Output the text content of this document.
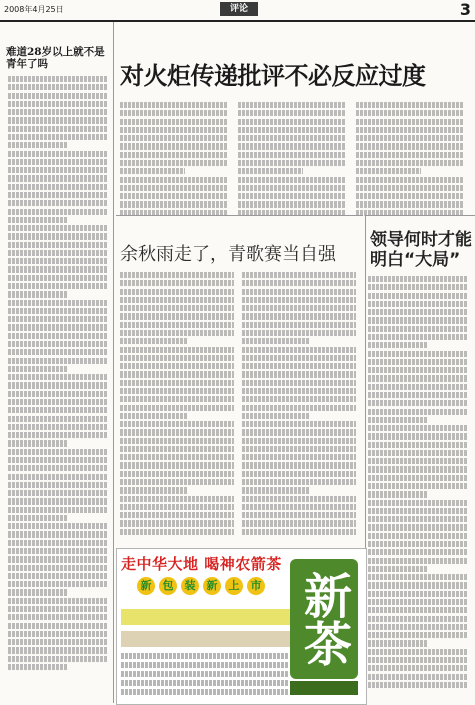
2008年4月25日	评论	3
难道28岁以上就不是青年了吗	对火炬传递批评不必反应过度
余秋雨走了，青歌赛当自强
领导何时才能明白“大局”
走中华大地 喝神农箭茶
新	包	装	新	上	市 新茶
